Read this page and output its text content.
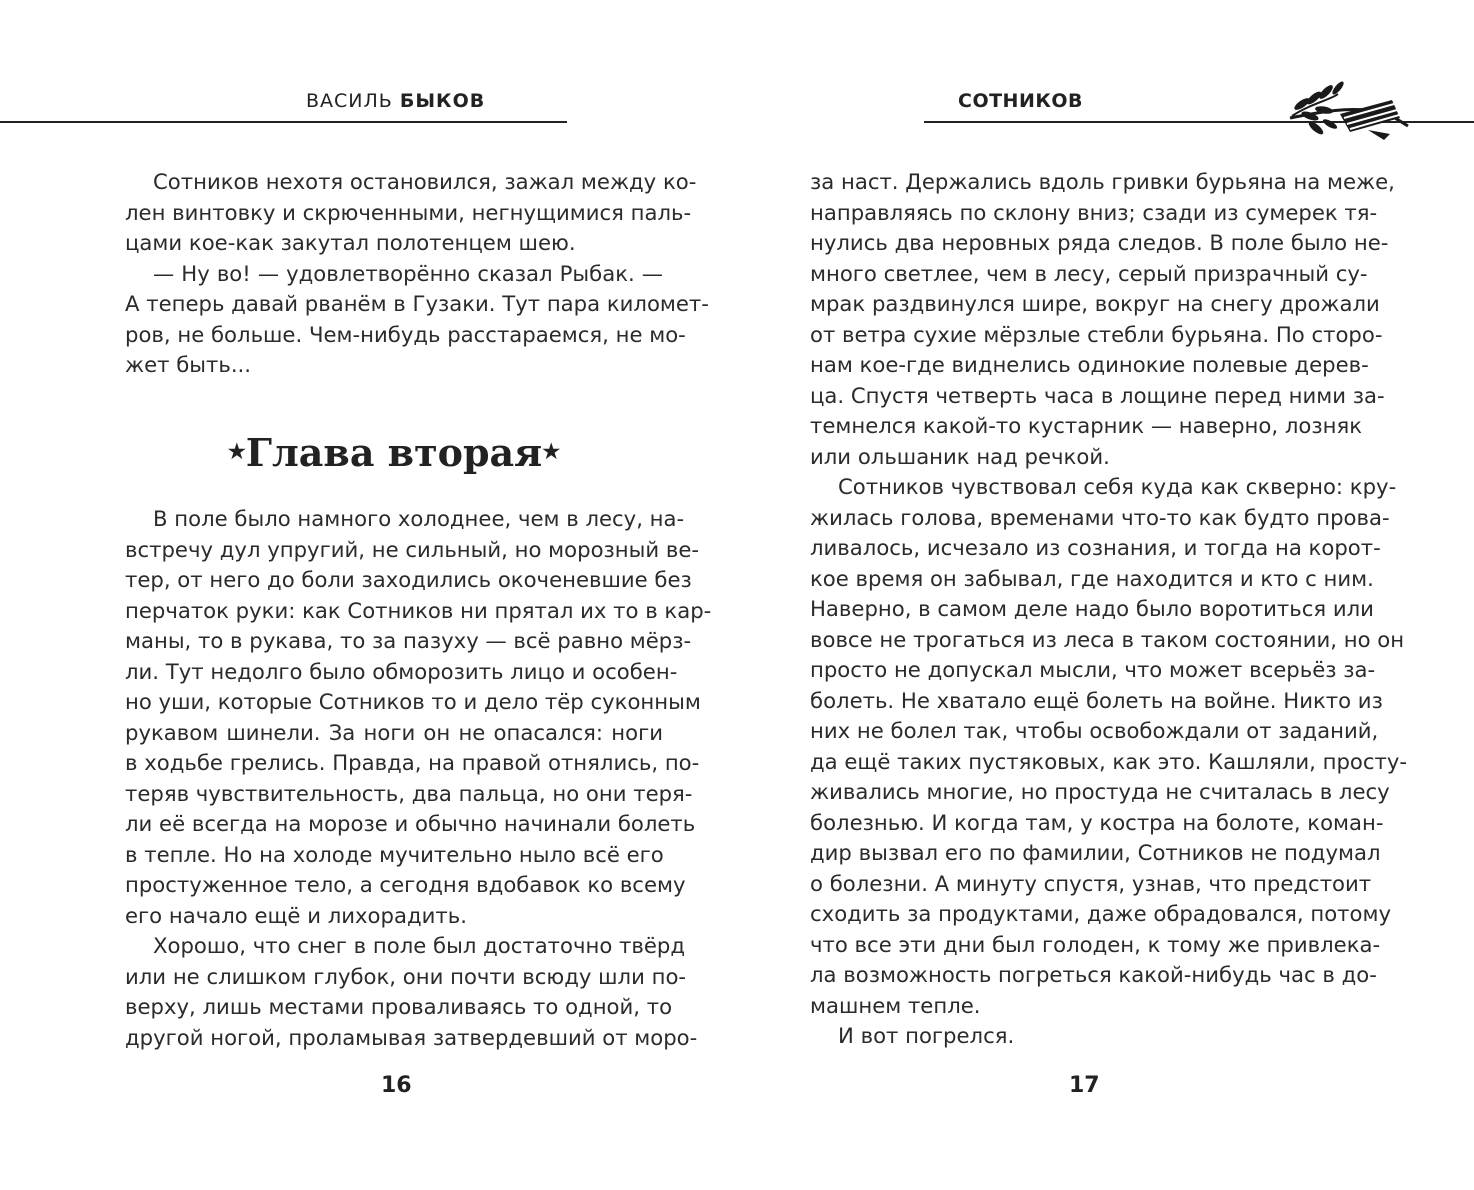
ВАСИЛЬ БЫКОВ
Сотников нехотя остановился, зажал между ко-
лен винтовку и скрюченными, негнущимися паль-
цами кое-как закутал полотенцем шею.
— Ну во! — удовлетворённо сказал Рыбак. —
А теперь давай рванём в Гузаки. Тут пара километ-
ров, не больше. Чем-нибудь расстараемся, не мо-
жет быть...
★Глава вторая★
В поле было намного холоднее, чем в лесу, на-
встречу дул упругий, не сильный, но морозный ве-
тер, от него до боли заходились окоченевшие без
перчаток руки: как Сотников ни прятал их то в кар-
маны, то в рукава, то за пазуху — всё равно мёрз-
ли. Тут недолго было обморозить лицо и особен-
но уши, которые Сотников то и дело тёр суконным
рукавом шинели. За ноги он не опасался: ноги
в ходьбе грелись. Правда, на правой отнялись, по-
теряв чувствительность, два пальца, но они теря-
ли её всегда на морозе и обычно начинали болеть
в тепле. Но на холоде мучительно ныло всё его
простуженное тело, а сегодня вдобавок ко всему
его начало ещё и лихорадить.
Хорошо, что снег в поле был достаточно твёрд
или не слишком глубок, они почти всюду шли по-
верху, лишь местами проваливаясь то одной, то
другой ногой, проламывая затвердевший от моро-
16
СОТНИКОВ
за наст. Держались вдоль гривки бурьяна на меже,
направляясь по склону вниз; сзади из сумерек тя-
нулись два неровных ряда следов. В поле было не-
много светлее, чем в лесу, серый призрачный су-
мрак раздвинулся шире, вокруг на снегу дрожали
от ветра сухие мёрзлые стебли бурьяна. По сторо-
нам кое-где виднелись одинокие полевые дерев-
ца. Спустя четверть часа в лощине перед ними за-
темнелся какой-то кустарник — наверно, лозняк
или ольшаник над речкой.
Сотников чувствовал себя куда как скверно: кру-
жилась голова, временами что-то как будто прова-
ливалось, исчезало из сознания, и тогда на корот-
кое время он забывал, где находится и кто с ним.
Наверно, в самом деле надо было воротиться или
вовсе не трогаться из леса в таком состоянии, но он
просто не допускал мысли, что может всерьёз за-
болеть. Не хватало ещё болеть на войне. Никто из
них не болел так, чтобы освобождали от заданий,
да ещё таких пустяковых, как это. Кашляли, просту-
живались многие, но простуда не считалась в лесу
болезнью. И когда там, у костра на болоте, коман-
дир вызвал его по фамилии, Сотников не подумал
о болезни. А минуту спустя, узнав, что предстоит
сходить за продуктами, даже обрадовался, потому
что все эти дни был голоден, к тому же привлека-
ла возможность погреться какой-нибудь час в до-
машнем тепле.
И вот погрелся.
17
